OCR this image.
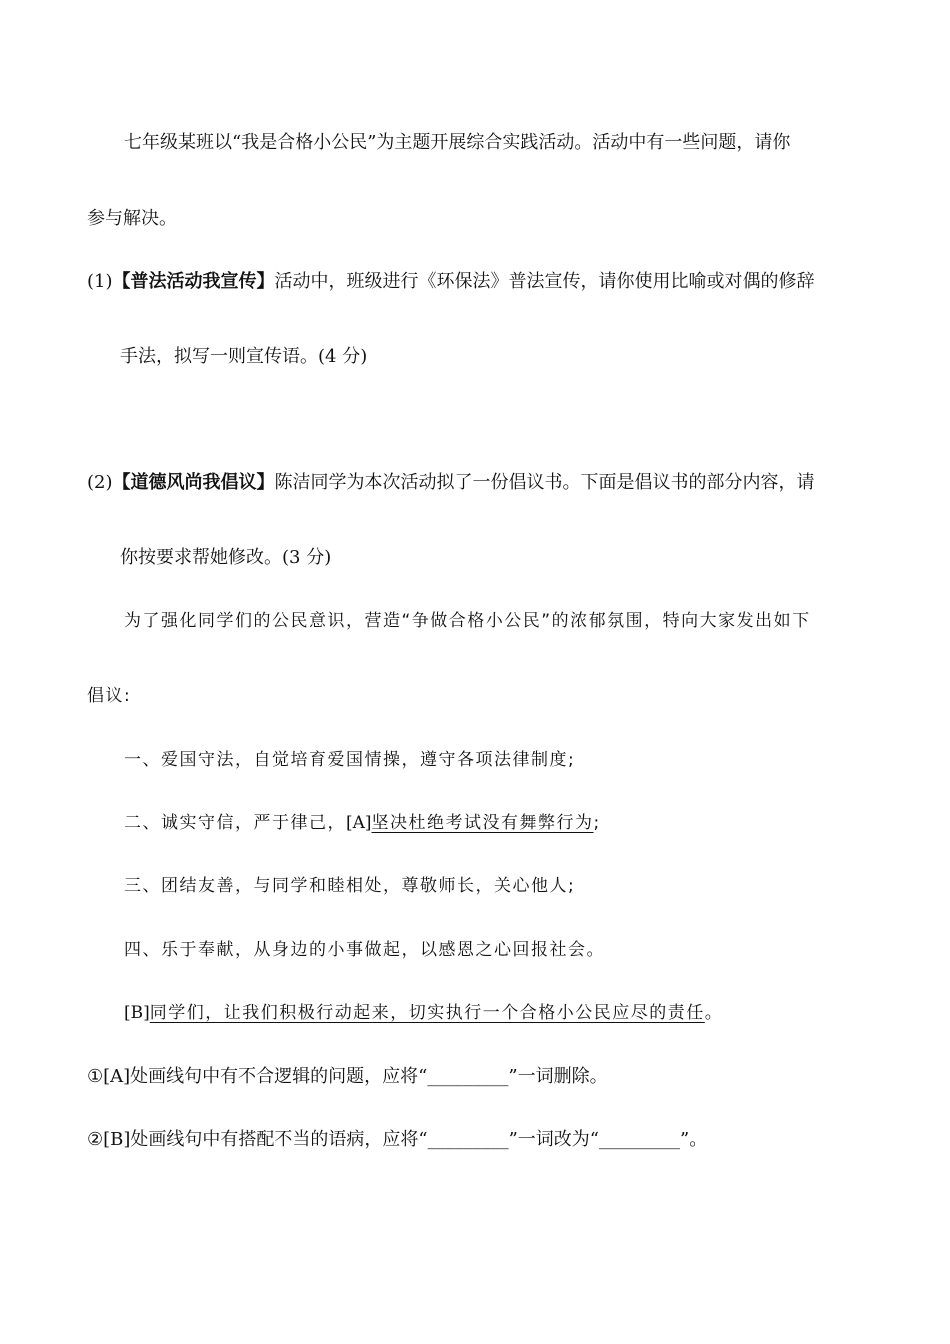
七年级某班以“我是合格小公民”为主题开展综合实践活动。活动中有一些问题，请你
参与解决。
(1)【普法活动我宣传】活动中，班级进行《环保法》普法宣传，请你使用比喻或对偶的修辞
手法，拟写一则宣传语。(4 分)
(2)【道德风尚我倡议】陈洁同学为本次活动拟了一份倡议书。下面是倡议书的部分内容，请
你按要求帮她修改。(3 分)
为了强化同学们的公民意识，营造“争做合格小公民”的浓郁氛围，特向大家发出如下
倡议:
一、爱国守法，自觉培育爱国情操，遵守各项法律制度;
二、诚实守信，严于律己，[A]坚决杜绝考试没有舞弊行为;
三、团结友善，与同学和睦相处，尊敬师长，关心他人;
四、乐于奉献，从身边的小事做起，以感恩之心回报社会。
[B]同学们，让我们积极行动起来，切实执行一个合格小公民应尽的责任。
①[A]处画线句中有不合逻辑的问题，应将“_________”一词删除。
②[B]处画线句中有搭配不当的语病，应将“_________”一词改为“_________”。
